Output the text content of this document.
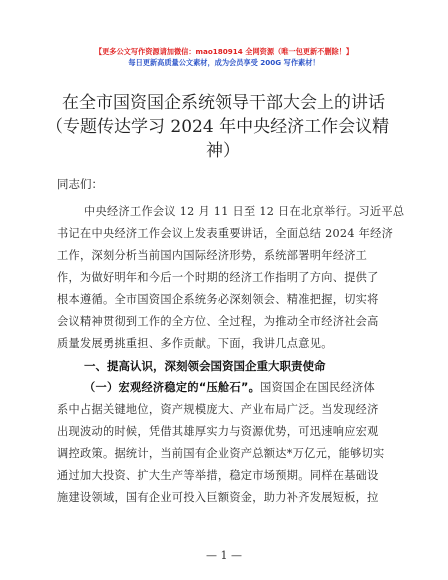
【更多公文写作资源请加微信：mao180914 全网资源（唯一包更新不删除！】
每日更新高质量公文素材，成为会员享受 200G 写作素材！
在全市国资国企系统领导干部大会上的讲话
（专题传达学习 2024 年中央经济工作会议精
神）
同志们：
中央经济工作会议 12 月 11 日至 12 日在北京举行。习近平总
书记在中央经济工作会议上发表重要讲话，全面总结 2024 年经济
工作，深刻分析当前国内国际经济形势，系统部署明年经济工
作，为做好明年和今后一个时期的经济工作指明了方向、提供了
根本遵循。全市国资国企系统务必深刻领会、精准把握，切实将
会议精神贯彻到工作的全方位、全过程，为推动全市经济社会高
质量发展勇挑重担、多作贡献。下面，我讲几点意见。
一、提高认识，深刻领会国资国企重大职责使命
（一）宏观经济稳定的“压舱石”。国资国企在国民经济体
系中占据关键地位，资产规模庞大、产业布局广泛。当发现经济
出现波动的时候，凭借其雄厚实力与资源优势，可迅速响应宏观
调控政策。据统计，当前国有企业资产总额达*万亿元，能够切实
通过加大投资、扩大生产等举措，稳定市场预期。同样在基础设
施建设领域，国有企业可投入巨额资金，助力补齐发展短板，拉
— 1 —
